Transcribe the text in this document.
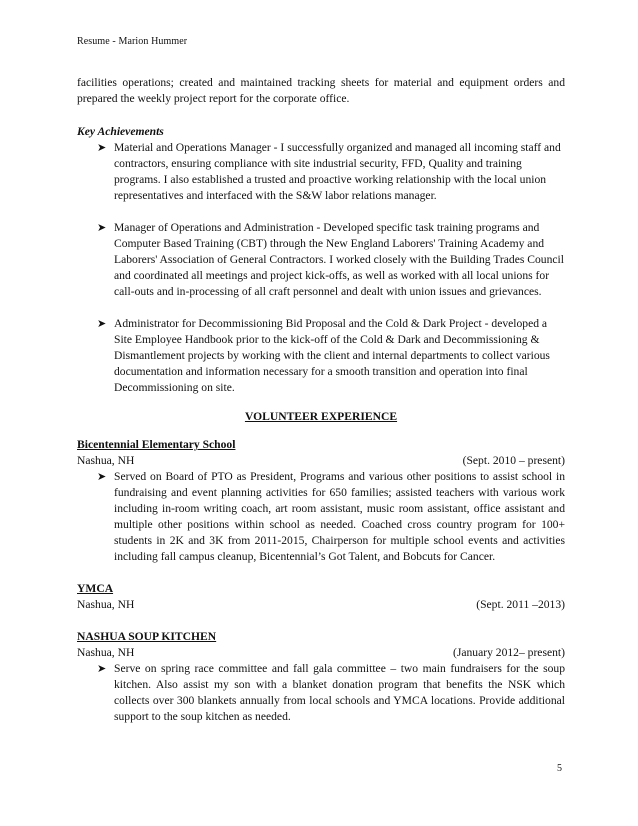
Resume - Marion Hummer

facilities operations; created and maintained tracking sheets for material and equipment orders and prepared the weekly project report for the corporate office.

Key Achievements
➤ Material and Operations Manager - I successfully organized and managed all incoming staff and contractors, ensuring compliance with site industrial security, FFD, Quality and training programs. I also established a trusted and proactive working relationship with the local union representatives and interfaced with the S&W labor relations manager.
➤ Manager of Operations and Administration - Developed specific task training programs and Computer Based Training (CBT) through the New England Laborers' Training Academy and Laborers' Association of General Contractors. I worked closely with the Building Trades Council and coordinated all meetings and project kick-offs, as well as worked with all local unions for call-outs and in-processing of all craft personnel and dealt with union issues and grievances.
➤ Administrator for Decommissioning Bid Proposal and the Cold & Dark Project - developed a Site Employee Handbook prior to the kick-off of the Cold & Dark and Decommissioning & Dismantlement projects by working with the client and internal departments to collect various documentation and information necessary for a smooth transition and operation into final Decommissioning on site.
VOLUNTEER EXPERIENCE
Bicentennial Elementary School
Nashua, NH	(Sept. 2010 – present)
➤ Served on Board of PTO as President, Programs and various other positions to assist school in fundraising and event planning activities for 650 families; assisted teachers with various work including in-room writing coach, art room assistant, music room assistant, office assistant and multiple other positions within school as needed. Coached cross country program for 100+ students in 2K and 3K from 2011-2015, Chairperson for multiple school events and activities including fall campus cleanup, Bicentennial’s Got Talent, and Bobcuts for Cancer.
YMCA
Nashua, NH	(Sept. 2011 –2013)
NASHUA SOUP KITCHEN
Nashua, NH	(January 2012– present)
➤ Serve on spring race committee and fall gala committee – two main fundraisers for the soup kitchen. Also assist my son with a blanket donation program that benefits the NSK which collects over 300 blankets annually from local schools and YMCA locations. Provide additional support to the soup kitchen as needed.
5
